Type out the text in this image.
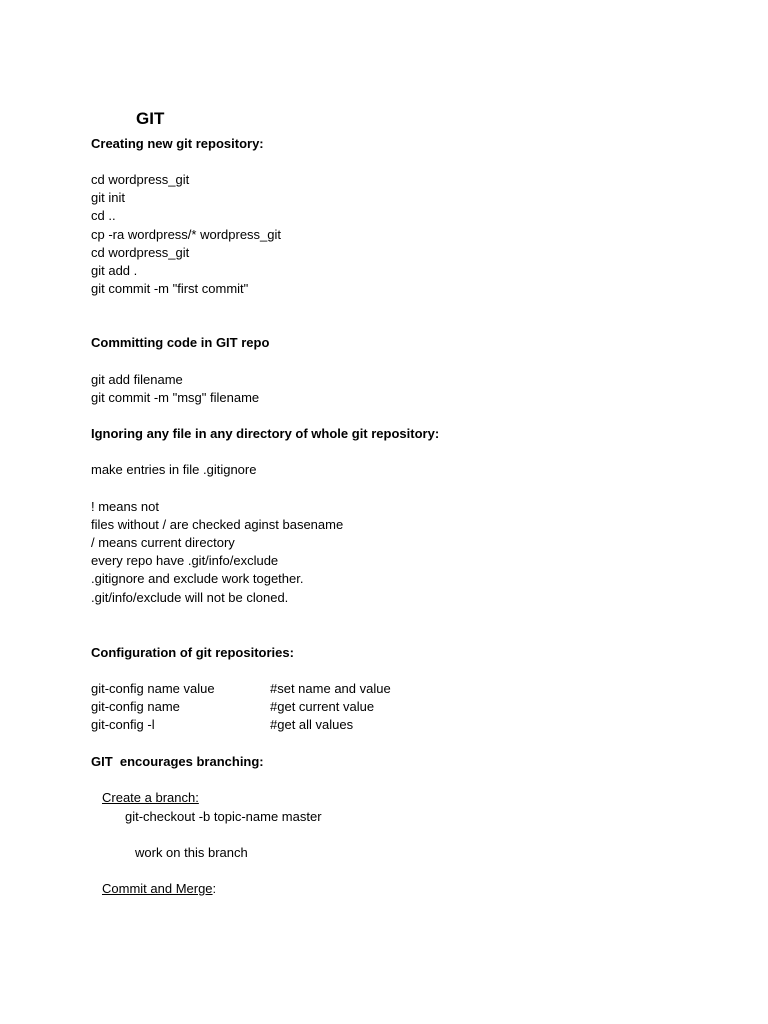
GIT
Creating new git repository:
cd wordpress_git
git init
cd ..
cp -ra wordpress/* wordpress_git
cd wordpress_git
git add .
git commit -m "first commit"
Committing code in GIT repo
git add filename
git commit -m "msg" filename
Ignoring any file in any directory of whole git repository:
make entries in file .gitignore
! means not
files without / are checked aginst basename
/ means current directory
every repo have .git/info/exclude
.gitignore and exclude work together.
.git/info/exclude will not be cloned.
Configuration of git repositories:
git-config name value	#set name and value
git-config name	#get current value
git-config -l	#get all values
GIT  encourages branching:
Create a branch:
git-checkout -b topic-name master
work on this branch
Commit and Merge:
